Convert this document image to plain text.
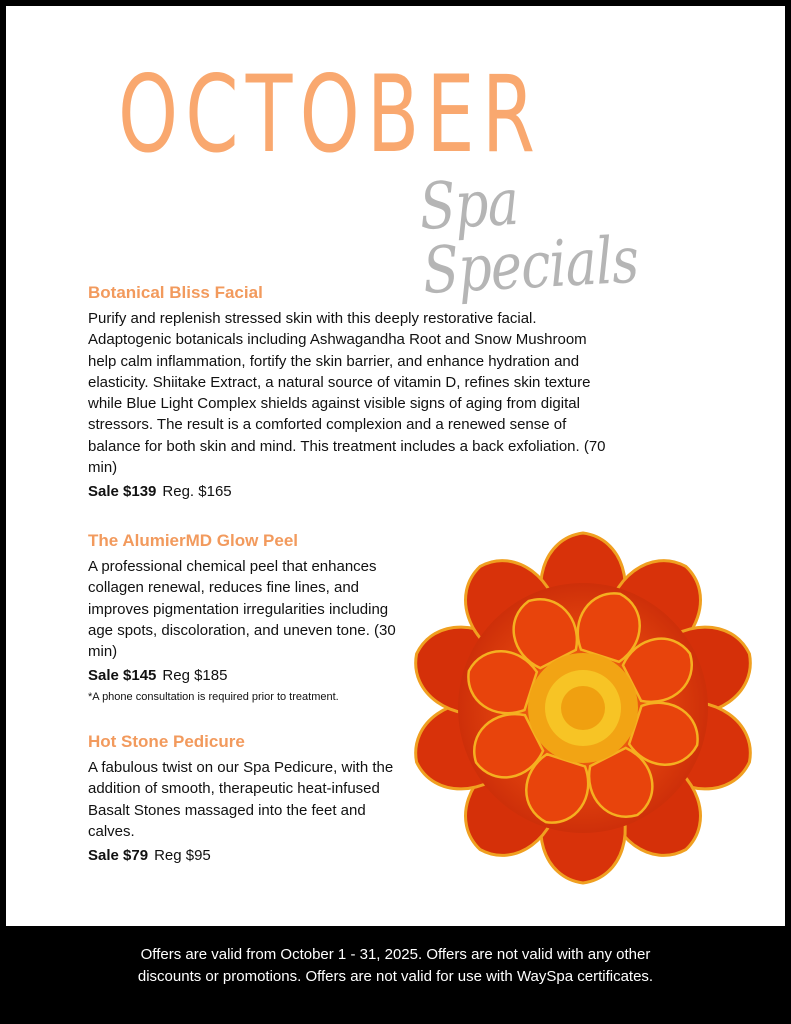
OCTOBER
Spa Specials
Botanical Bliss Facial

Purify and replenish stressed skin with this deeply restorative facial. Adaptogenic botanicals including Ashwagandha Root and Snow Mushroom help calm inflammation, fortify the skin barrier, and enhance hydration and elasticity. Shiitake Extract, a natural source of vitamin D, refines skin texture while Blue Light Complex shields against visible signs of aging from digital stressors. The result is a comforted complexion and a renewed sense of balance for both skin and mind. This treatment includes a back exfoliation. (70 min)

Sale $139 Reg. $165
The AlumierMD Glow Peel

A professional chemical peel that enhances collagen renewal, reduces fine lines, and improves pigmentation irregularities including age spots, discoloration, and uneven tone. (30 min)

Sale $145 Reg $185
*A phone consultation is required prior to treatment.
Hot Stone Pedicure

A fabulous twist on our Spa Pedicure, with the addition of smooth, therapeutic heat-infused Basalt Stones massaged into the feet and calves.

Sale $79 Reg $95
Offers are valid from October 1 - 31, 2025. Offers are not valid with any other
discounts or promotions. Offers are not valid for use with WaySpa certificates.
